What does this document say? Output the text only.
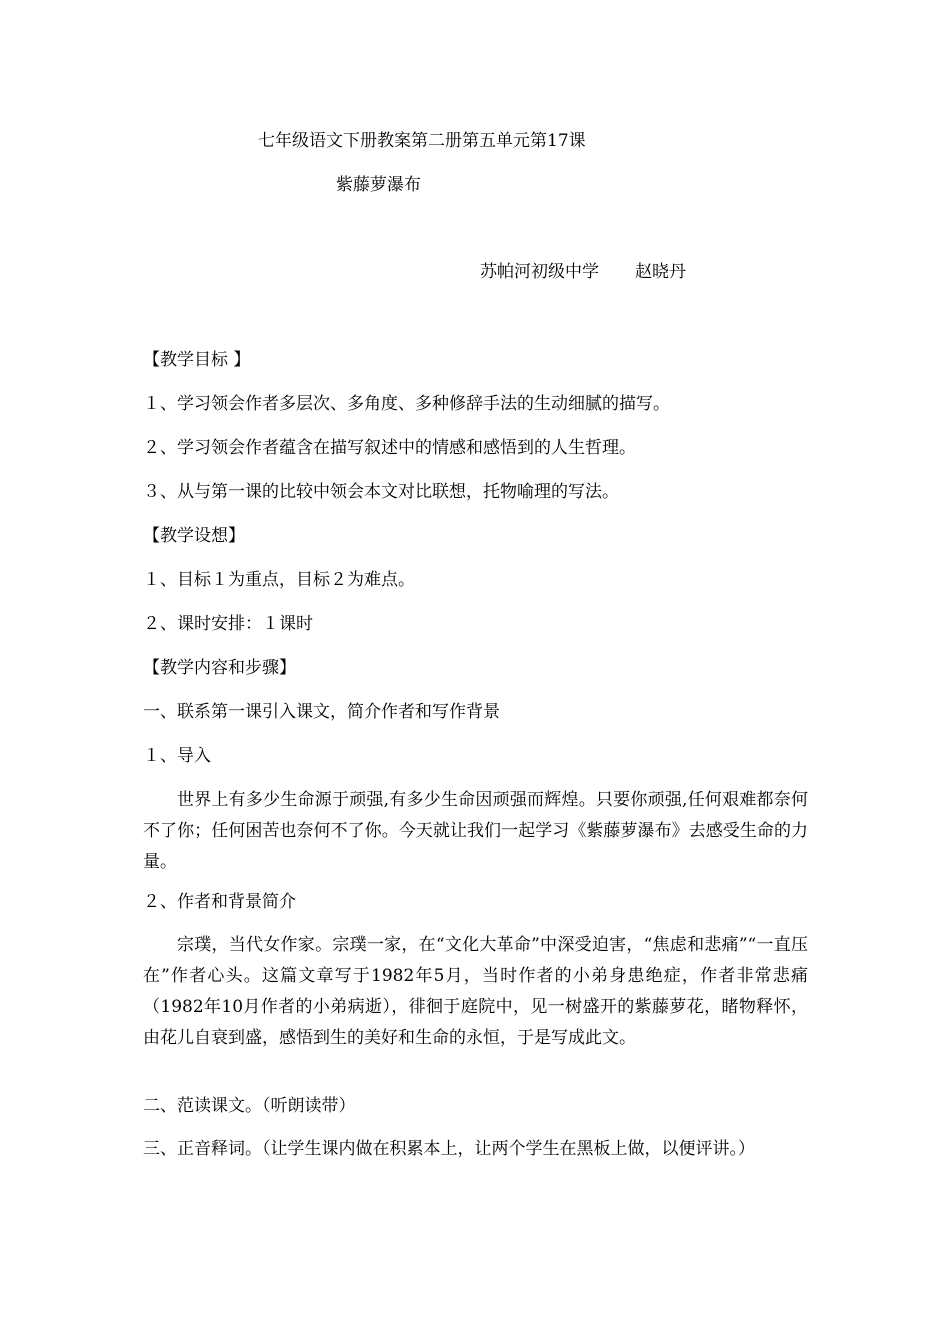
七年级语文下册教案第二册第五单元第17课

紫藤萝瀑布

苏帕河初级中学 赵晓丹

【教学目标 】

１、学习领会作者多层次、多角度、多种修辞手法的生动细腻的描写。

２、学习领会作者蕴含在描写叙述中的情感和感悟到的人生哲理。

３、从与第一课的比较中领会本文对比联想，托物喻理的写法。

【教学设想】

１、目标１为重点，目标２为难点。

２、课时安排：１课时

【教学内容和步骤】

一、联系第一课引入课文，简介作者和写作背景

１、导入

世界上有多少生命源于顽强,有多少生命因顽强而辉煌。只要你顽强,任何艰难都奈何不了你；任何困苦也奈何不了你。今天就让我们一起学习《紫藤萝瀑布》去感受生命的力量。

２、作者和背景简介

宗璞，当代女作家。宗璞一家，在“文化大革命”中深受迫害，“焦虑和悲痛”“一直压在”作者心头。这篇文章写于1982年5月，当时作者的小弟身患绝症，作者非常悲痛（1982年10月作者的小弟病逝），徘徊于庭院中，见一树盛开的紫藤萝花，睹物释怀，由花儿自衰到盛，感悟到生的美好和生命的永恒，于是写成此文。

二、范读课文。（听朗读带）

三、正音释词。（让学生课内做在积累本上，让两个学生在黑板上做，以便评讲。）
